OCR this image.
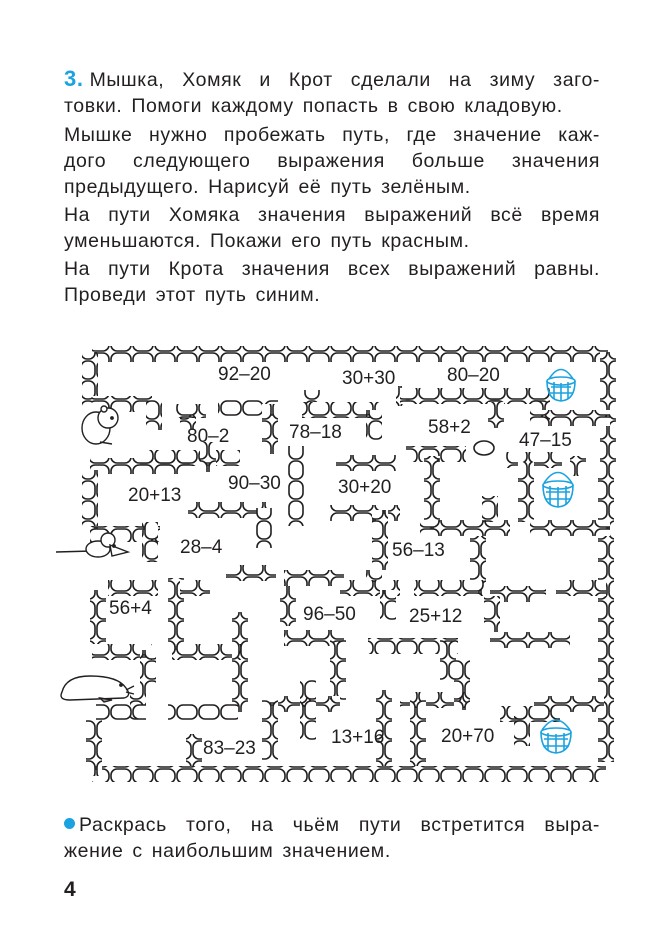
3. Мышка, Хомяк и Крот сделали на зиму заго-
товки. Помоги каждому попасть в свою кладовую.
Мышке нужно пробежать путь, где значение каж-
дого следующего выражения больше значения
предыдущего. Нарисуй её путь зелёным.
На пути Хомяка значения выражений всё время
уменьшаются. Покажи его путь красным.
На пути Крота значения всех выражений равны.
Проведи этот путь синим.
92–20	30+30	80–20
80–2	78–18	58+2
47–15
90–30
20+13	30+20
28–4	56–13
56+4	96–50	25+12
83–23
13+16	20+70
Раскрась того, на чьём пути встретится выра-
жение с наибольшим значением.
4
